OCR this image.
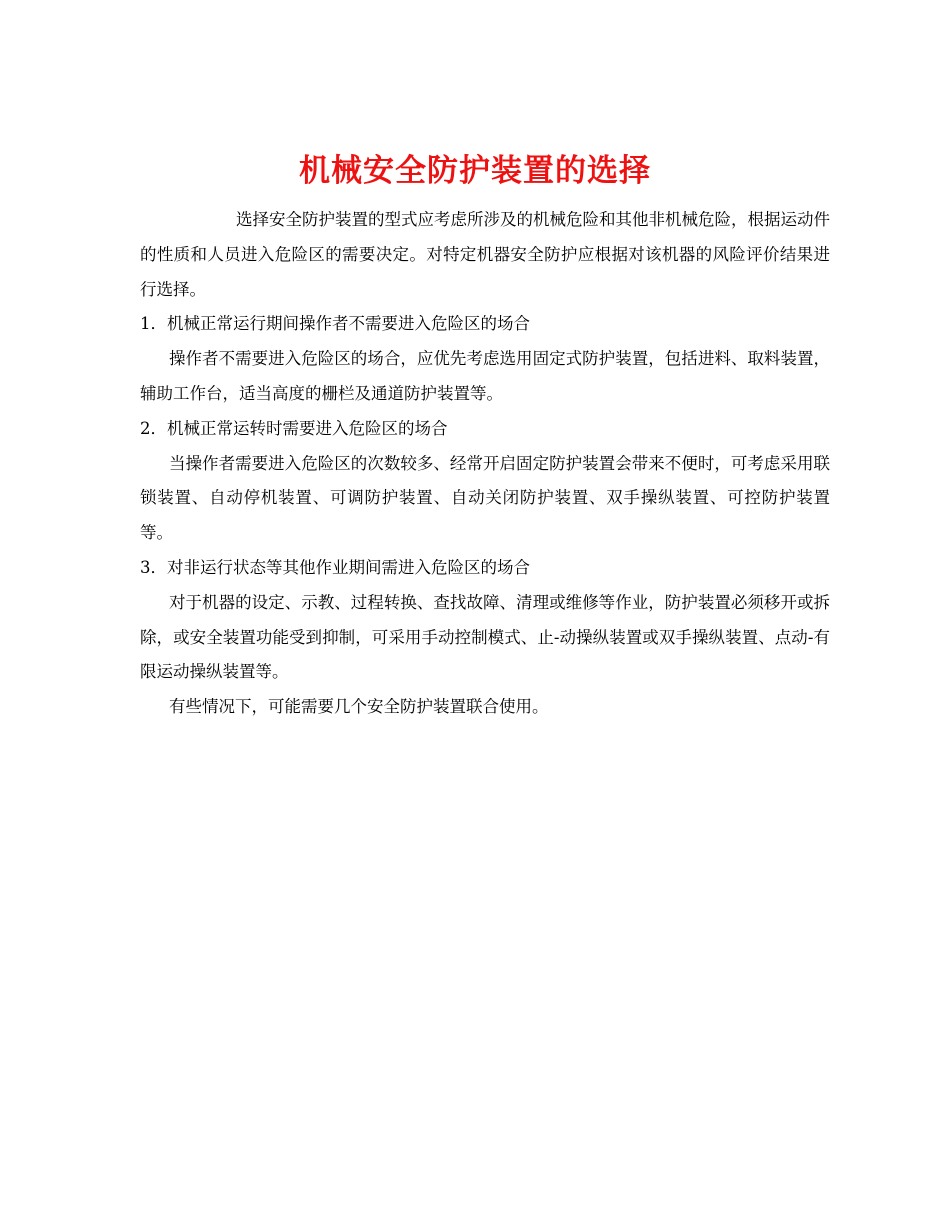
机械安全防护装置的选择

选择安全防护装置的型式应考虑所涉及的机械危险和其他非机械危险，根据运动件的性质和人员进入危险区的需要决定。对特定机器安全防护应根据对该机器的风险评价结果进行选择。

1．机械正常运行期间操作者不需要进入危险区的场合

操作者不需要进入危险区的场合，应优先考虑选用固定式防护装置，包括进料、取料装置，辅助工作台，适当高度的栅栏及通道防护装置等。

2．机械正常运转时需要进入危险区的场合

当操作者需要进入危险区的次数较多、经常开启固定防护装置会带来不便时，可考虑采用联锁装置、自动停机装置、可调防护装置、自动关闭防护装置、双手操纵装置、可控防护装置等。

3．对非运行状态等其他作业期间需进入危险区的场合

对于机器的设定、示教、过程转换、查找故障、清理或维修等作业，防护装置必须移开或拆除，或安全装置功能受到抑制，可采用手动控制模式、止-动操纵装置或双手操纵装置、点动-有限运动操纵装置等。

有些情况下，可能需要几个安全防护装置联合使用。
